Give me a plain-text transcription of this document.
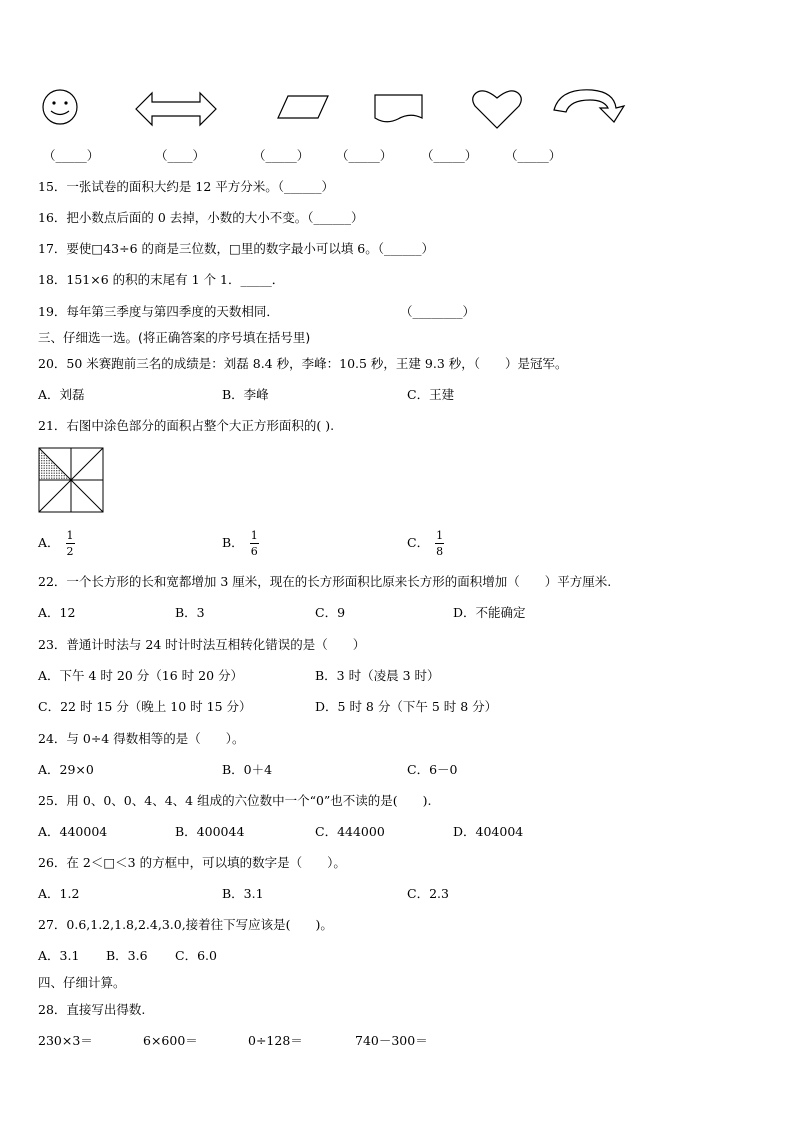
（_____）	（____）	（_____） （_____） （_____） （_____）
15．一张试卷的面积大约是 12 平方分米。（______）
16．把小数点后面的 0 去掉，小数的大小不变。（______）
17．要使□43÷6 的商是三位数，□里的数字最小可以填 6。（______）
18．151×6 的积的末尾有 1 个 1．_____．
19．每年第三季度与第四季度的天数相同．	（________）
三、仔细选一选。(将正确答案的序号填在括号里)
20．50 米赛跑前三名的成绩是：刘磊 8.4 秒，李峰：10.5 秒，王建 9.3 秒，（　　）是冠军。
A．刘磊	B．李峰	C．王建
21．右图中涂色部分的面积占整个大正方形面积的( ).
A． $\frac{1}{2}$	B． $\frac{1}{6}$	C． $\frac{1}{8}$
22．一个长方形的长和宽都增加 3 厘米，现在的长方形面积比原来长方形的面积增加（　　）平方厘米.
A．12	B．3	C．9	D．不能确定
23．普通计时法与 24 时计时法互相转化错误的是（　　）
A．下午 4 时 20 分（16 时 20 分）	B．3 时（凌晨 3 时）
C．22 时 15 分（晚上 10 时 15 分）	D．5 时 8 分（下午 5 时 8 分）
24．与 0÷4 得数相等的是（　　）。
A．29×0	B．0＋4	C．6－0
25．用 0、0、0、4、4、4 组成的六位数中一个“0”也不读的是(　　).
A．440004	B．400044	C．444000	D．404004
26．在 2＜□＜3 的方框中，可以填的数字是（　　）。
A．1.2	B．3.1	C．2.3
27．0.6,1.2,1.8,2.4,3.0,接着往下写应该是(　　)。
A．3.1 B．3.6 C．6.0
四、仔细计算。
28．直接写出得数.
230×3＝	6×600＝	0÷128＝	740－300＝
